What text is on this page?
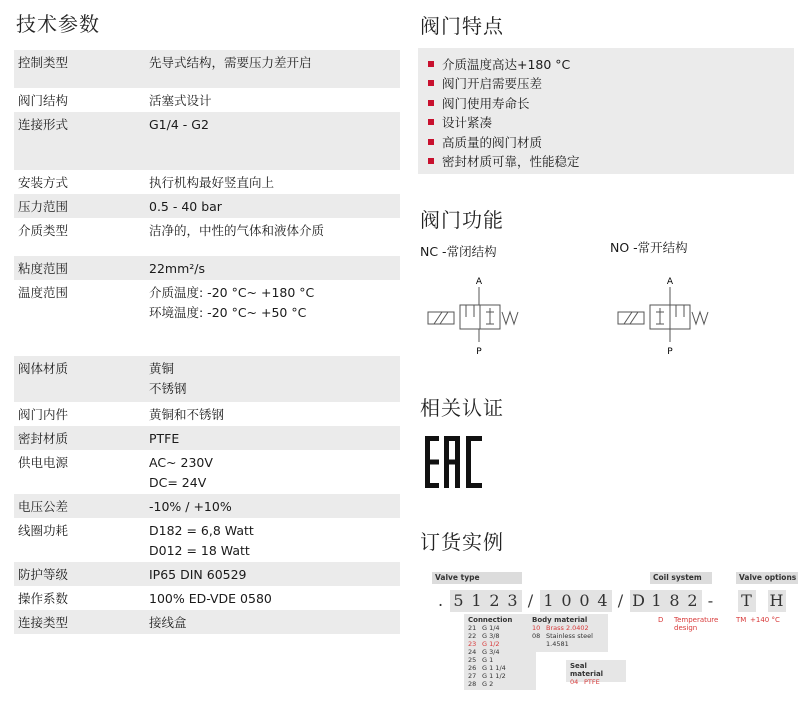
技术参数
控制类型	先导式结构，需要压力差开启
阀门结构	活塞式设计
连接形式	G1/4 - G2
安装方式	执行机构最好竖直向上
压力范围	0.5 - 40 bar
介质类型	洁净的，中性的气体和液体介质
粘度范围	22mm²/s
温度范围	介质温度: -20 °C~ +180 °C
环境温度: -20 °C~ +50 °C
阀体材质	黄铜
不锈钢
阀门内件	黄铜和不锈钢
密封材质	PTFE
供电电源	AC~ 230V
DC= 24V
电压公差	-10% / +10%
线圈功耗	D182 = 6,8 Watt
D012 = 18 Watt
防护等级	IP65 DIN 60529
操作系数	100% ED-VDE 0580
连接类型	接线盒
阀门特点
介质温度高达+180 °C
阀门开启需要压差
阀门使用寿命长
设计紧凑
高质量的阀门材质
密封材质可靠，性能稳定
阀门功能
NC -常闭结构	NO -常开结构
A
P
A
P
相关认证
订货实例
Valve type	Coil system	Valve options
. 5 1 2 3 / 1 0 0 4 / D 1 8 2 -	T H
Connection
21 G 1/4
22 G 3/8
23 G 1/2
24 G 3/4
25 G 1
26 G 1 1/4
27 G 1 1/2
28 G 2
Body material
10 Brass 2.0402
08 Stainless steel
1.4581
Seal material
04 PTFE
D Temperature
design
TM +140 °C
